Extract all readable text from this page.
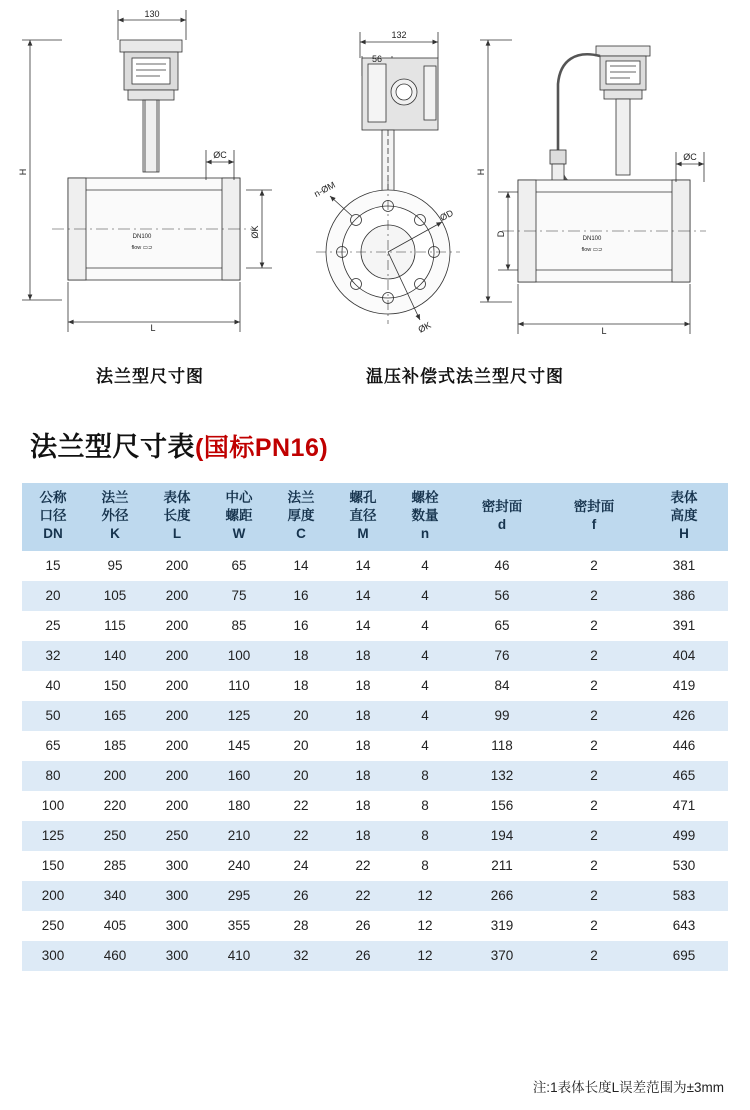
DN100
flow ▭⊃
DN100
flow ▭⊃
130
L
ØC
132
56
L
ØC
H
ØK
H
D
n-ØM
ØD
ØK
法兰型尺寸图	温压补偿式法兰型尺寸图
法兰型尺寸表 (国标PN16)
公称
口径
DN	法兰
外径
K	表体
长度
L	中心
螺距
W	法兰
厚度
C	螺孔
直径
M	螺栓
数量
n	密封面
d	密封面
f	表体
高度
H

15	95	200	65	14	14	4	46	2	381
20	105	200	75	16	14	4	56	2	386
25	115	200	85	16	14	4	65	2	391
32	140	200	100	18	18	4	76	2	404
40	150	200	110	18	18	4	84	2	419
50	165	200	125	20	18	4	99	2	426
65	185	200	145	20	18	4	118	2	446
80	200	200	160	20	18	8	132	2	465
100	220	200	180	22	18	8	156	2	471
125	250	250	210	22	18	8	194	2	499
150	285	300	240	24	22	8	211	2	530
200	340	300	295	26	22	12	266	2	583
250	405	300	355	28	26	12	319	2	643
300	460	300	410	32	26	12	370	2	695
注:1表体长度L误差范围为±3mm
